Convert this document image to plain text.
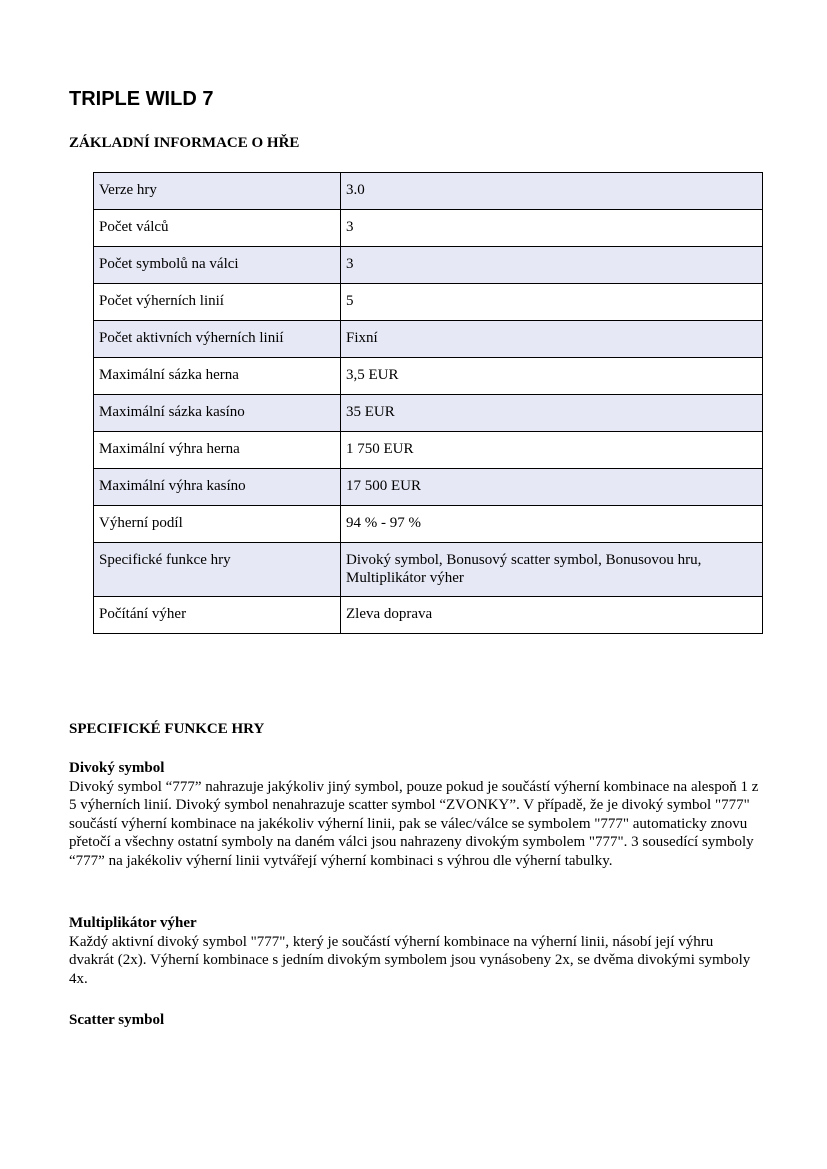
TRIPLE WILD 7
ZÁKLADNÍ INFORMACE O HŘE
Verze hry	3.0
Počet válců	3
Počet symbolů na válci	3
Počet výherních linií	5
Počet aktivních výherních linií	Fixní
Maximální sázka herna	3,5 EUR
Maximální sázka kasíno	35 EUR
Maximální výhra herna	1 750 EUR
Maximální výhra kasíno	17 500 EUR
Výherní podíl	94 % - 97 %
Specifické funkce hry	Divoký symbol, Bonusový scatter symbol, Bonusovou hru, Multiplikátor výher
Počítání výher	Zleva doprava
SPECIFICKÉ FUNKCE HRY
Divoký symbol

Divoký symbol “777” nahrazuje jakýkoliv jiný symbol, pouze pokud je součástí výherní kombinace na alespoň 1 z 5 výherních linií. Divoký symbol nenahrazuje scatter symbol “ZVONKY”. V případě, že je divoký symbol "777" součástí výherní kombinace na jakékoliv výherní linii, pak se válec/válce se symbolem "777" automaticky znovu přetočí a všechny ostatní symboly na daném válci jsou nahrazeny divokým symbolem "777". 3 sousedící symboly “777” na jakékoliv výherní linii vytvářejí výherní kombinaci s výhrou dle výherní tabulky.

Multiplikátor výher

Každý aktivní divoký symbol "777", který je součástí výherní kombinace na výherní linii, násobí její výhru dvakrát (2x). Výherní kombinace s jedním divokým symbolem jsou vynásobeny 2x, se dvěma divokými symboly 4x.

Scatter symbol
